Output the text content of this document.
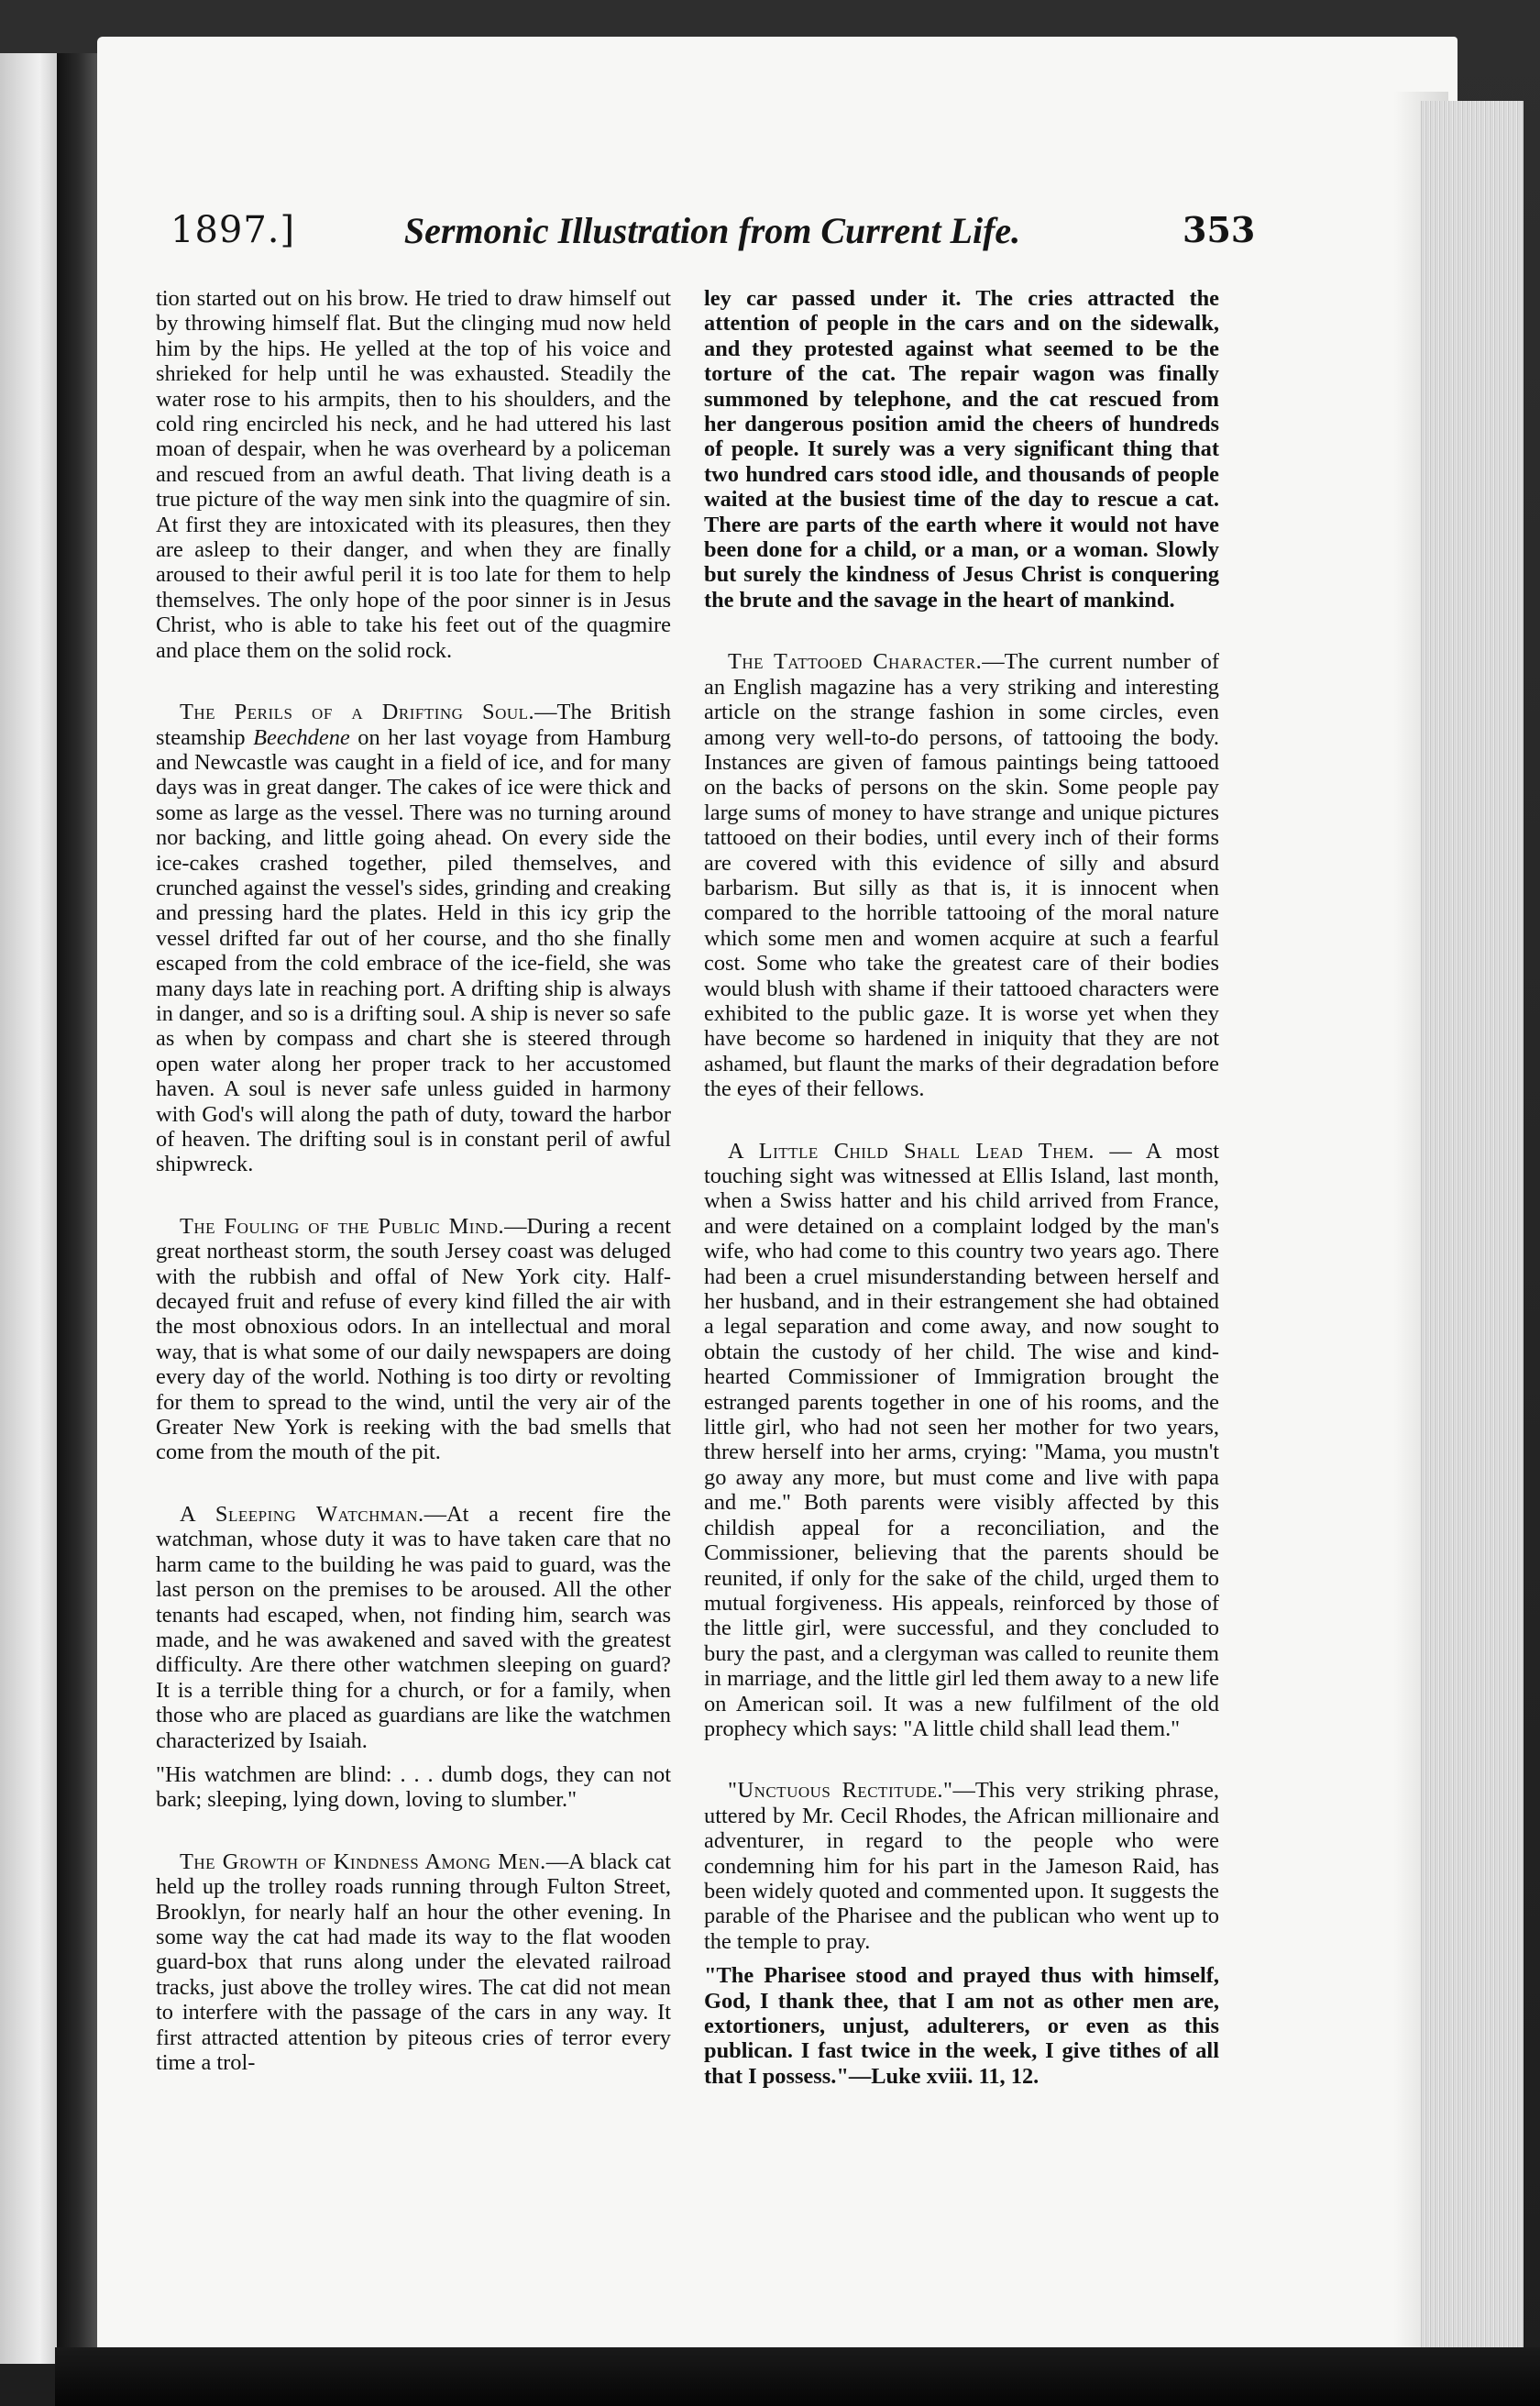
1897.]	Sermonic Illustration from Current Life.	353

tion started out on his brow. He tried to draw himself out by throwing himself flat. But the clinging mud now held him by the hips. He yelled at the top of his voice and shrieked for help until he was exhausted. Steadily the water rose to his armpits, then to his shoulders, and the cold ring encircled his neck, and he had uttered his last moan of despair, when he was overheard by a policeman and rescued from an awful death. That living death is a true picture of the way men sink into the quagmire of sin. At first they are intoxicated with its pleasures, then they are asleep to their danger, and when they are finally aroused to their awful peril it is too late for them to help themselves. The only hope of the poor sinner is in Jesus Christ, who is able to take his feet out of the quagmire and place them on the solid rock.

The Perils of a Drifting Soul.—The British steamship Beechdene on her last voyage from Hamburg and Newcastle was caught in a field of ice, and for many days was in great danger. The cakes of ice were thick and some as large as the vessel. There was no turning around nor backing, and little going ahead. On every side the ice-cakes crashed together, piled themselves, and crunched against the vessel's sides, grinding and creaking and pressing hard the plates. Held in this icy grip the vessel drifted far out of her course, and tho she finally escaped from the cold embrace of the ice-field, she was many days late in reaching port. A drifting ship is always in danger, and so is a drifting soul. A ship is never so safe as when by compass and chart she is steered through open water along her proper track to her accustomed haven. A soul is never safe unless guided in harmony with God's will along the path of duty, toward the harbor of heaven. The drifting soul is in constant peril of awful shipwreck.

The Fouling of the Public Mind.—During a recent great northeast storm, the south Jersey coast was deluged with the rubbish and offal of New York city. Half-decayed fruit and refuse of every kind filled the air with the most obnoxious odors. In an intellectual and moral way, that is what some of our daily newspapers are doing every day of the world. Nothing is too dirty or revolting for them to spread to the wind, until the very air of the Greater New York is reeking with the bad smells that come from the mouth of the pit.

A Sleeping Watchman.—At a recent fire the watchman, whose duty it was to have taken care that no harm came to the building he was paid to guard, was the last person on the premises to be aroused. All the other tenants had escaped, when, not finding him, search was made, and he was awakened and saved with the greatest difficulty. Are there other watchmen sleeping on guard? It is a terrible thing for a church, or for a family, when those who are placed as guardians are like the watchmen characterized by Isaiah.

"His watchmen are blind: . . . dumb dogs, they can not bark; sleeping, lying down, loving to slumber."

The Growth of Kindness Among Men.—A black cat held up the trolley roads running through Fulton Street, Brooklyn, for nearly half an hour the other evening. In some way the cat had made its way to the flat wooden guard-box that runs along under the elevated railroad tracks, just above the trolley wires. The cat did not mean to interfere with the passage of the cars in any way. It first attracted attention by piteous cries of terror every time a trol-

ley car passed under it. The cries attracted the attention of people in the cars and on the sidewalk, and they protested against what seemed to be the torture of the cat. The repair wagon was finally summoned by telephone, and the cat rescued from her dangerous position amid the cheers of hundreds of people. It surely was a very significant thing that two hundred cars stood idle, and thousands of people waited at the busiest time of the day to rescue a cat. There are parts of the earth where it would not have been done for a child, or a man, or a woman. Slowly but surely the kindness of Jesus Christ is conquering the brute and the savage in the heart of mankind.

The Tattooed Character.—The current number of an English magazine has a very striking and interesting article on the strange fashion in some circles, even among very well-to-do persons, of tattooing the body. Instances are given of famous paintings being tattooed on the backs of persons on the skin. Some people pay large sums of money to have strange and unique pictures tattooed on their bodies, until every inch of their forms are covered with this evidence of silly and absurd barbarism. But silly as that is, it is innocent when compared to the horrible tattooing of the moral nature which some men and women acquire at such a fearful cost. Some who take the greatest care of their bodies would blush with shame if their tattooed characters were exhibited to the public gaze. It is worse yet when they have become so hardened in iniquity that they are not ashamed, but flaunt the marks of their degradation before the eyes of their fellows.

A Little Child Shall Lead Them. — A most touching sight was witnessed at Ellis Island, last month, when a Swiss hatter and his child arrived from France, and were detained on a complaint lodged by the man's wife, who had come to this country two years ago. There had been a cruel misunderstanding between herself and her husband, and in their estrangement she had obtained a legal separation and come away, and now sought to obtain the custody of her child. The wise and kind-hearted Commissioner of Immigration brought the estranged parents together in one of his rooms, and the little girl, who had not seen her mother for two years, threw herself into her arms, crying: "Mama, you mustn't go away any more, but must come and live with papa and me." Both parents were visibly affected by this childish appeal for a reconciliation, and the Commissioner, believing that the parents should be reunited, if only for the sake of the child, urged them to mutual forgiveness. His appeals, reinforced by those of the little girl, were successful, and they concluded to bury the past, and a clergyman was called to reunite them in marriage, and the little girl led them away to a new life on American soil. It was a new fulfilment of the old prophecy which says: "A little child shall lead them."

"Unctuous Rectitude."—This very striking phrase, uttered by Mr. Cecil Rhodes, the African millionaire and adventurer, in regard to the people who were condemning him for his part in the Jameson Raid, has been widely quoted and commented upon. It suggests the parable of the Pharisee and the publican who went up to the temple to pray.

"The Pharisee stood and prayed thus with himself, God, I thank thee, that I am not as other men are, extortioners, unjust, adulterers, or even as this publican. I fast twice in the week, I give tithes of all that I possess."—Luke xviii. 11, 12.
